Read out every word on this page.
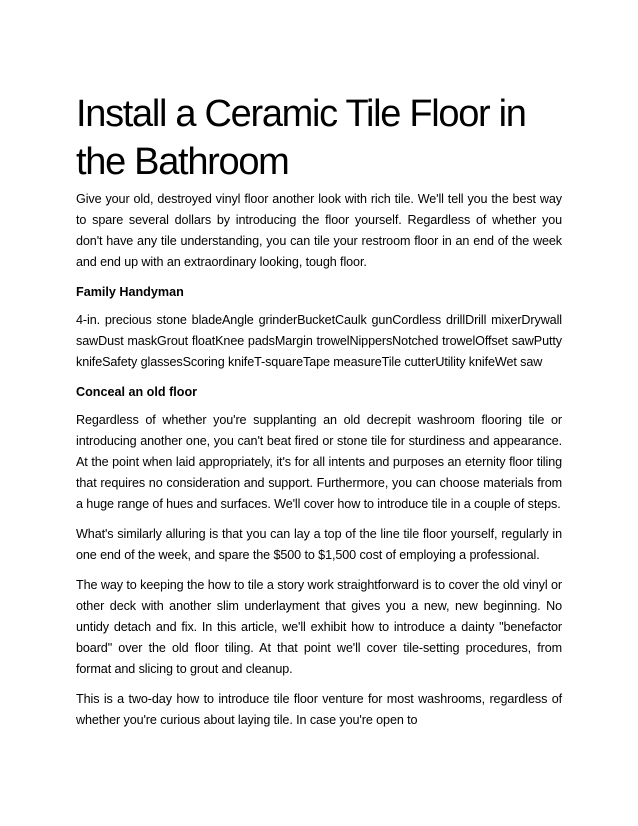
Install a Ceramic Tile Floor in the Bathroom

Give your old, destroyed vinyl floor another look with rich tile. We'll tell you the best way to spare several dollars by introducing the floor yourself. Regardless of whether you don't have any tile understanding, you can tile your restroom floor in an end of the week and end up with an extraordinary looking, tough floor.

Family Handyman

4-in. precious stone bladeAngle grinderBucketCaulk gunCordless drillDrill mixerDrywall sawDust maskGrout floatKnee padsMargin trowelNippersNotched trowelOffset sawPutty knifeSafety glassesScoring knifeT-squareTape measureTile cutterUtility knifeWet saw

Conceal an old floor

Regardless of whether you're supplanting an old decrepit washroom flooring tile or introducing another one, you can't beat fired or stone tile for sturdiness and appearance. At the point when laid appropriately, it's for all intents and purposes an eternity floor tiling that requires no consideration and support. Furthermore, you can choose materials from a huge range of hues and surfaces. We'll cover how to introduce tile in a couple of steps.

What's similarly alluring is that you can lay a top of the line tile floor yourself, regularly in one end of the week, and spare the $500 to $1,500 cost of employing a professional.

The way to keeping the how to tile a story work straightforward is to cover the old vinyl or other deck with another slim underlayment that gives you a new, new beginning. No untidy detach and fix. In this article, we'll exhibit how to introduce a dainty "benefactor board" over the old floor tiling. At that point we'll cover tile-setting procedures, from format and slicing to grout and cleanup.

This is a two-day how to introduce tile floor venture for most washrooms, regardless of whether you're curious about laying tile. In case you're open to
